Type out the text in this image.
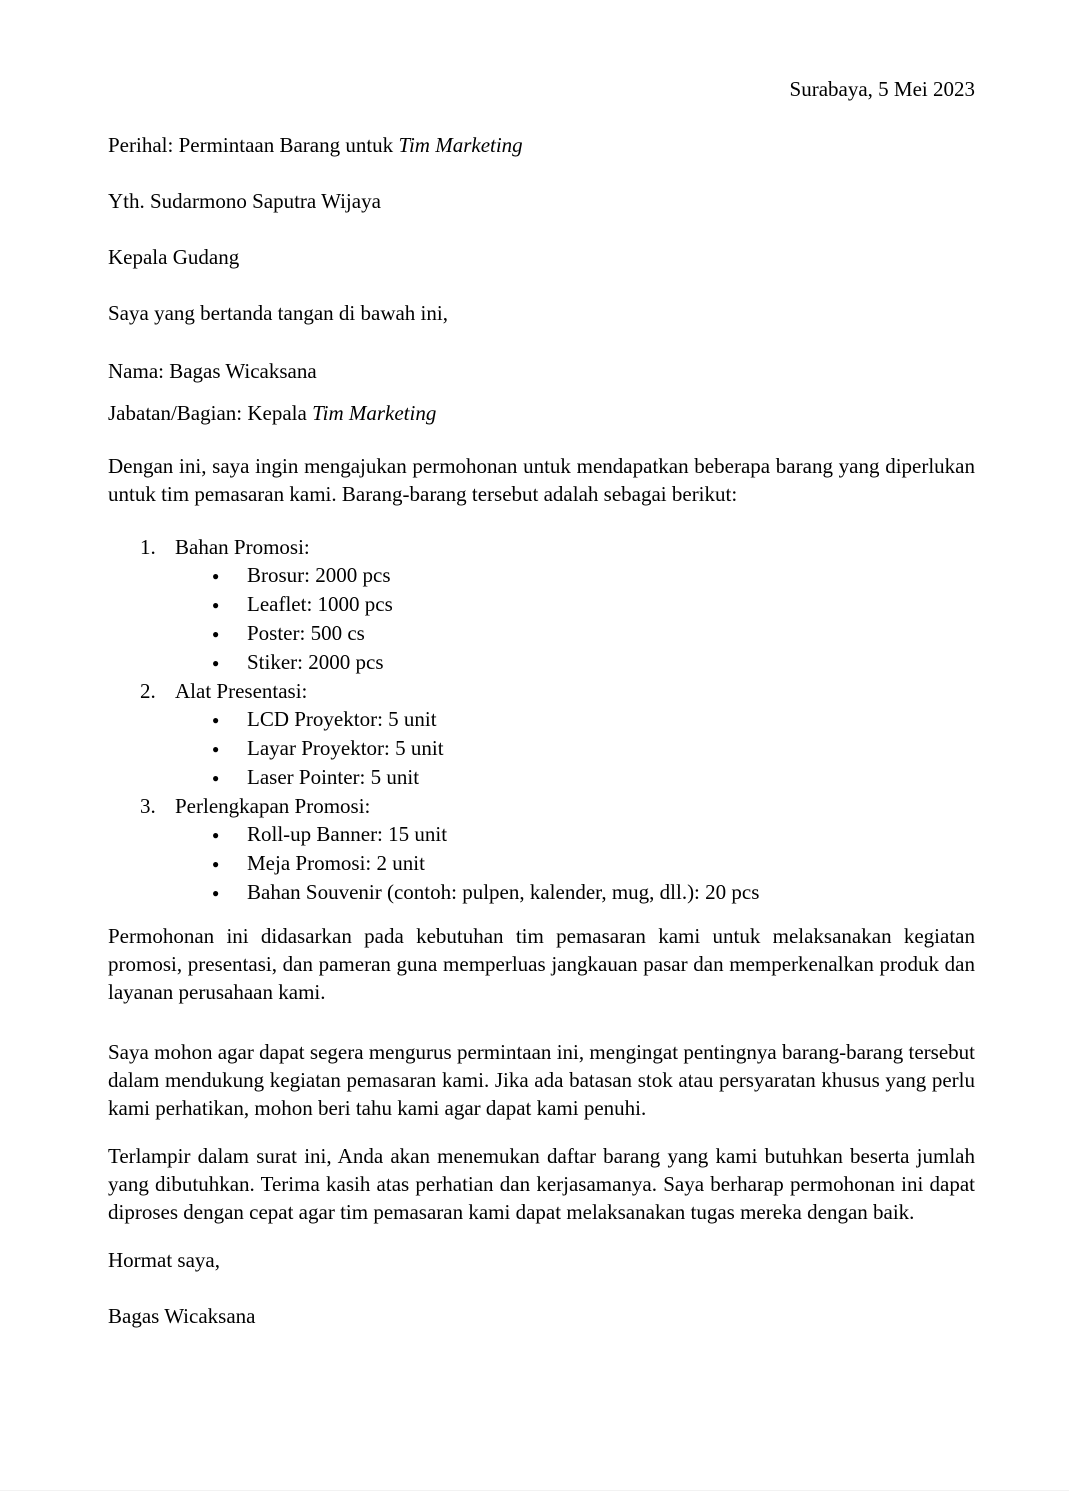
Surabaya, 5 Mei 2023

Perihal: Permintaan Barang untuk Tim Marketing

Yth. Sudarmono Saputra Wijaya

Kepala Gudang

Saya yang bertanda tangan di bawah ini,

Nama: Bagas Wicaksana

Jabatan/Bagian: Kepala Tim Marketing

Dengan ini, saya ingin mengajukan permohonan untuk mendapatkan beberapa barang yang diperlukan untuk tim pemasaran kami. Barang-barang tersebut adalah sebagai berikut:

1. Bahan Promosi:
● Brosur: 2000 pcs
● Leaflet: 1000 pcs
● Poster: 500 cs
● Stiker: 2000 pcs
2. Alat Presentasi:
● LCD Proyektor: 5 unit
● Layar Proyektor: 5 unit
● Laser Pointer: 5 unit
3. Perlengkapan Promosi:
● Roll-up Banner: 15 unit
● Meja Promosi: 2 unit
● Bahan Souvenir (contoh: pulpen, kalender, mug, dll.): 20 pcs

Permohonan ini didasarkan pada kebutuhan tim pemasaran kami untuk melaksanakan kegiatan promosi, presentasi, dan pameran guna memperluas jangkauan pasar dan memperkenalkan produk dan layanan perusahaan kami.

Saya mohon agar dapat segera mengurus permintaan ini, mengingat pentingnya barang-barang tersebut dalam mendukung kegiatan pemasaran kami. Jika ada batasan stok atau persyaratan khusus yang perlu kami perhatikan, mohon beri tahu kami agar dapat kami penuhi.

Terlampir dalam surat ini, Anda akan menemukan daftar barang yang kami butuhkan beserta jumlah yang dibutuhkan. Terima kasih atas perhatian dan kerjasamanya. Saya berharap permohonan ini dapat diproses dengan cepat agar tim pemasaran kami dapat melaksanakan tugas mereka dengan baik.

Hormat saya,

Bagas Wicaksana
